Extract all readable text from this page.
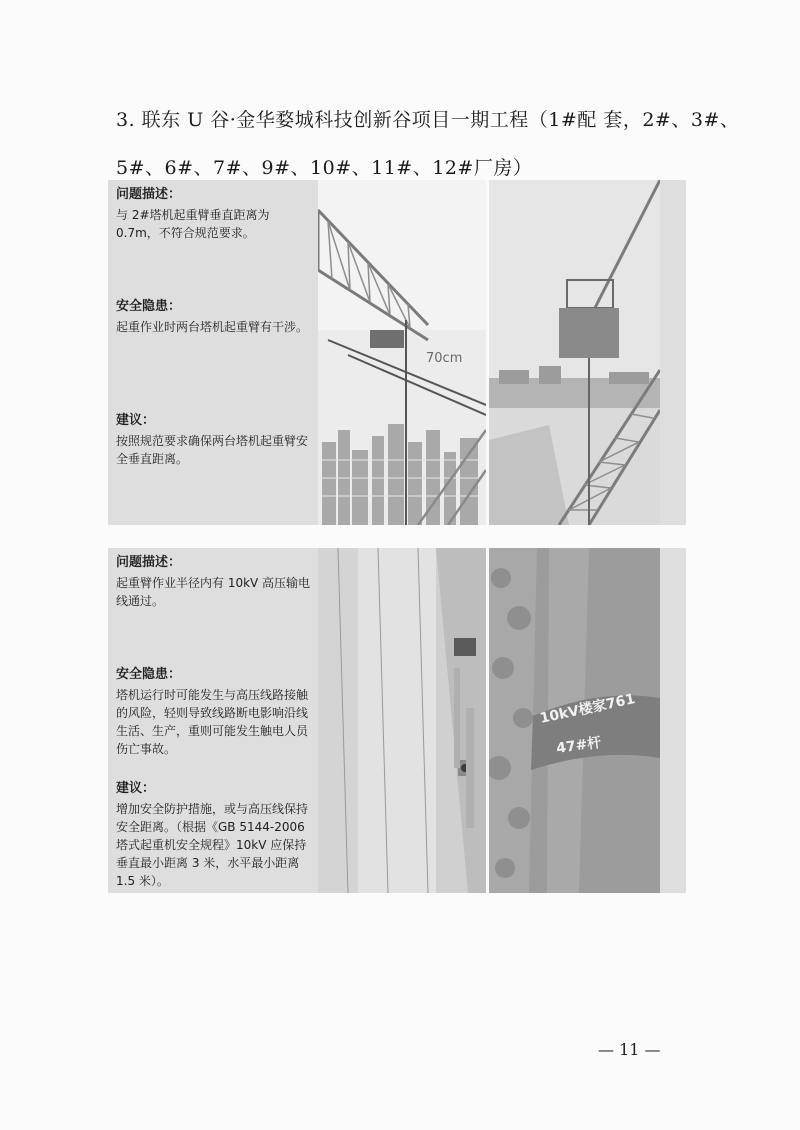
3. 联东 U 谷·金华婺城科技创新谷项目一期工程（1#配 套，2#、3#、
5#、6#、7#、9#、10#、11#、12#厂房）
问题描述：
与 2#塔机起重臂垂直距离为 0.7m，不符合规范要求。
安全隐患：
起重作业时两台塔机起重臂有干涉。
建议：
按照规范要求确保两台塔机起重臂安全垂直距离。
70cm
问题描述：
起重臂作业半径内有 10kV 高压输电线通过。
安全隐患：
塔机运行时可能发生与高压线路接触的风险，轻则导致线路断电影响沿线生活、生产，重则可能发生触电人员伤亡事故。
建议：
增加安全防护措施，或与高压线保持安全距离。（根据《GB 5144-2006 塔式起重机安全规程》10kV 应保持垂直最小距离 3 米，水平最小距离 1.5 米）。
10kV楼家761
47#杆
— 11 —
